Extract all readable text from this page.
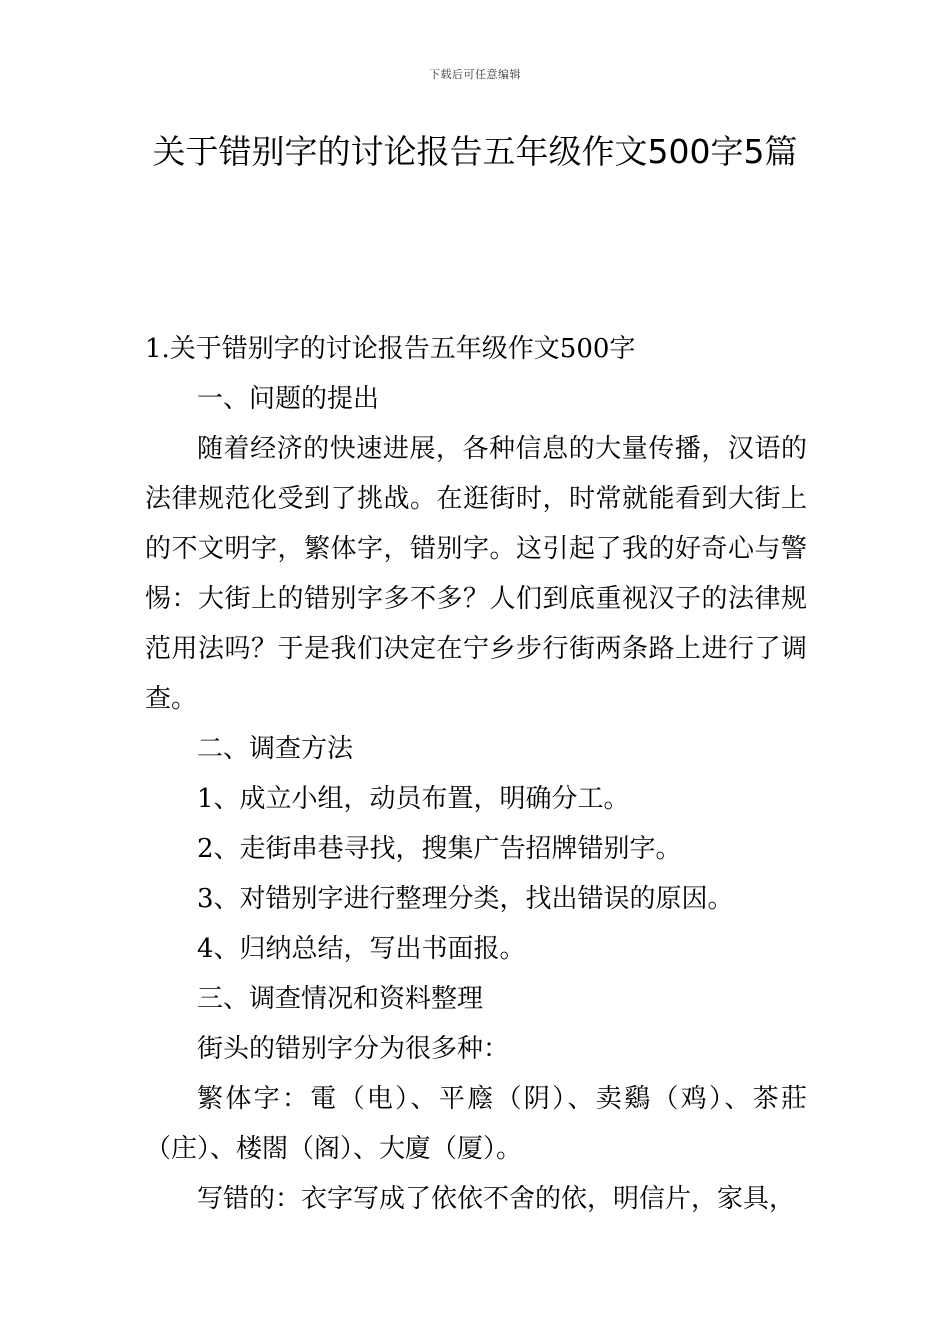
下载后可任意编辑
关于错别字的讨论报告五年级作文500字5篇

1.关于错别字的讨论报告五年级作文500字

一、问题的提出

随着经济的快速进展，各种信息的大量传播，汉语的法律规范化受到了挑战。在逛街时，时常就能看到大街上的不文明字，繁体字，错别字。这引起了我的好奇心与警惕：大街上的错别字多不多？人们到底重视汉子的法律规范用法吗？于是我们决定在宁乡步行街两条路上进行了调查。

二、调查方法

1、成立小组，动员布置，明确分工。

2、走街串巷寻找，搜集广告招牌错别字。

3、对错别字进行整理分类，找出错误的原因。

4、归纳总结，写出书面报。

三、调查情况和资料整理

街头的错别字分为很多种：

繁体字：電（电）、平廕（阴）、卖鷄（鸡）、茶莊（庄）、楼閤（阁）、大廈（厦）。

写错的：衣字写成了依依不舍的依，明信片，家具，
